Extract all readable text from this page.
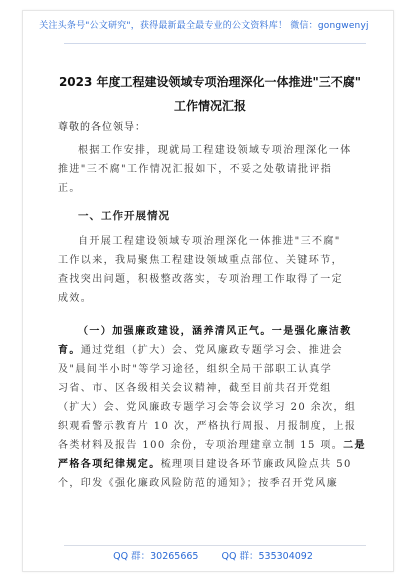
关注头条号"公文研究"，获得最新最全最专业的公文资料库！ 微信：gongwenyj
2023 年度工程建设领域专项治理深化一体推进"三不腐"
工作情况汇报
尊敬的各位领导：
根据工作安排，现就局工程建设领域专项治理深化一体
推进"三不腐"工作情况汇报如下，不妥之处敬请批评指
正。
一、工作开展情况
自开展工程建设领域专项治理深化一体推进"三不腐"
工作以来，我局聚焦工程建设领域重点部位、关键环节，
查找突出问题，积极整改落实，专项治理工作取得了一定
成效。
（一）加强廉政建设，涵养清风正气。一是强化廉洁教
育。通过党组（扩大）会、党风廉政专题学习会、推进会
及"晨间半小时"等学习途径，组织全局干部职工认真学
习省、市、区各级相关会议精神，截至目前共召开党组
（扩大）会、党风廉政专题学习会等会议学习 20 余次，组
织观看警示教育片 10 次，严格执行周报、月报制度，上报
各类材料及报告 100 余份，专项治理建章立制 15 项。二是
严格各项纪律规定。梳理项目建设各环节廉政风险点共 50
个，印发《强化廉政风险防范的通知》；按季召开党风廉
QQ 群：30265665 QQ 群：535304092
